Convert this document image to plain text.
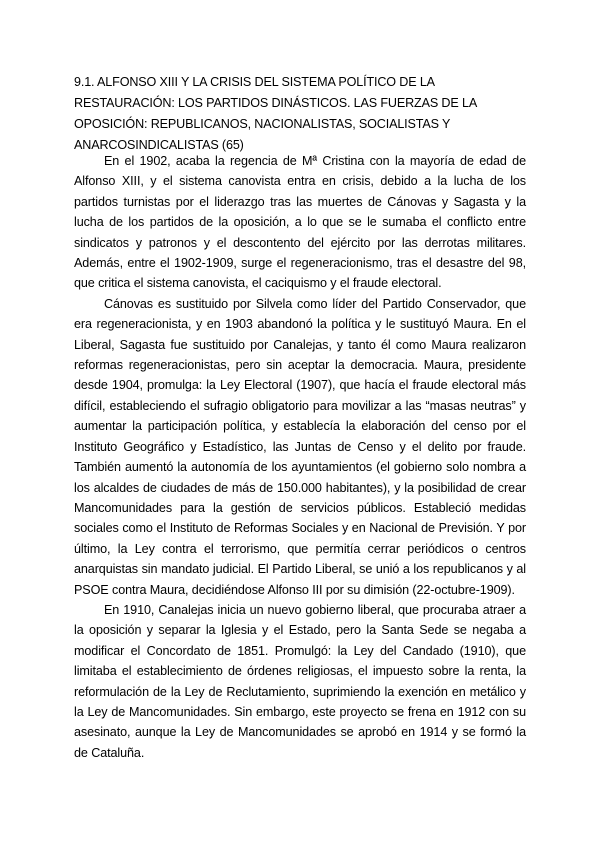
9.1. ALFONSO XIII Y LA CRISIS DEL SISTEMA POLÍTICO DE LA RESTAURACIÓN: LOS PARTIDOS DINÁSTICOS. LAS FUERZAS DE LA OPOSICIÓN: REPUBLICANOS, NACIONALISTAS, SOCIALISTAS Y ANARCOSINDICALISTAS (65)

En el 1902, acaba la regencia de Mª Cristina con la mayoría de edad de Alfonso XIII, y el sistema canovista entra en crisis, debido a la lucha de los partidos turnistas por el liderazgo tras las muertes de Cánovas y Sagasta y la lucha de los partidos de la oposición, a lo que se le sumaba el conflicto entre sindicatos y patronos y el descontento del ejército por las derrotas militares. Además, entre el 1902-1909, surge el regeneracionismo, tras el desastre del 98, que critica el sistema canovista, el caciquismo y el fraude electoral.

Cánovas es sustituido por Silvela como líder del Partido Conservador, que era regeneracionista, y en 1903 abandonó la política y le sustituyó Maura. En el Liberal, Sagasta fue sustituido por Canalejas, y tanto él como Maura realizaron reformas regeneracionistas, pero sin aceptar la democracia. Maura, presidente desde 1904, promulga: la Ley Electoral (1907), que hacía el fraude electoral más difícil, estableciendo el sufragio obligatorio para movilizar a las “masas neutras” y aumentar la participación política, y establecía la elaboración del censo por el Instituto Geográfico y Estadístico, las Juntas de Censo y el delito por fraude. También aumentó la autonomía de los ayuntamientos (el gobierno solo nombra a los alcaldes de ciudades de más de 150.000 habitantes), y la posibilidad de crear Mancomunidades para la gestión de servicios públicos. Estableció medidas sociales como el Instituto de Reformas Sociales y en Nacional de Previsión. Y por último, la Ley contra el terrorismo, que permitía cerrar periódicos o centros anarquistas sin mandato judicial. El Partido Liberal, se unió a los republicanos y al PSOE contra Maura, decidiéndose Alfonso III por su dimisión (22-octubre-1909).

En 1910, Canalejas inicia un nuevo gobierno liberal, que procuraba atraer a la oposición y separar la Iglesia y el Estado, pero la Santa Sede se negaba a modificar el Concordato de 1851. Promulgó: la Ley del Candado (1910), que limitaba el establecimiento de órdenes religiosas, el impuesto sobre la renta, la reformulación de la Ley de Reclutamiento, suprimiendo la exención en metálico y la Ley de Mancomunidades. Sin embargo, este proyecto se frena en 1912 con su asesinato, aunque la Ley de Mancomunidades se aprobó en 1914 y se formó la de Cataluña.
